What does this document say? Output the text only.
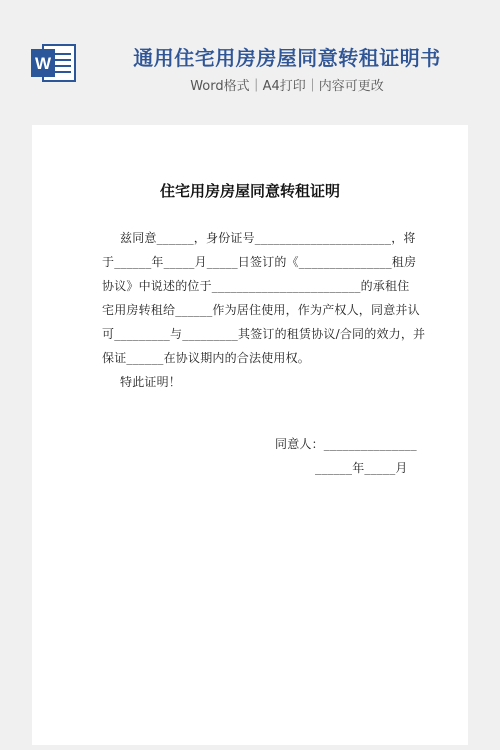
W	通用住宅用房房屋同意转租证明书
Word格式｜A4打印｜内容可更改
住宅用房房屋同意转租证明
兹同意______，身份证号______________________，将
于______年_____月_____日签订的《_______________租房
协议》中说述的位于________________________的承租住
宅用房转租给______作为居住使用，作为产权人，同意并认
可_________与_________其签订的租赁协议/合同的效力，并
保证______在协议期内的合法使用权。
特此证明！
同意人：_______________
______年_____月
